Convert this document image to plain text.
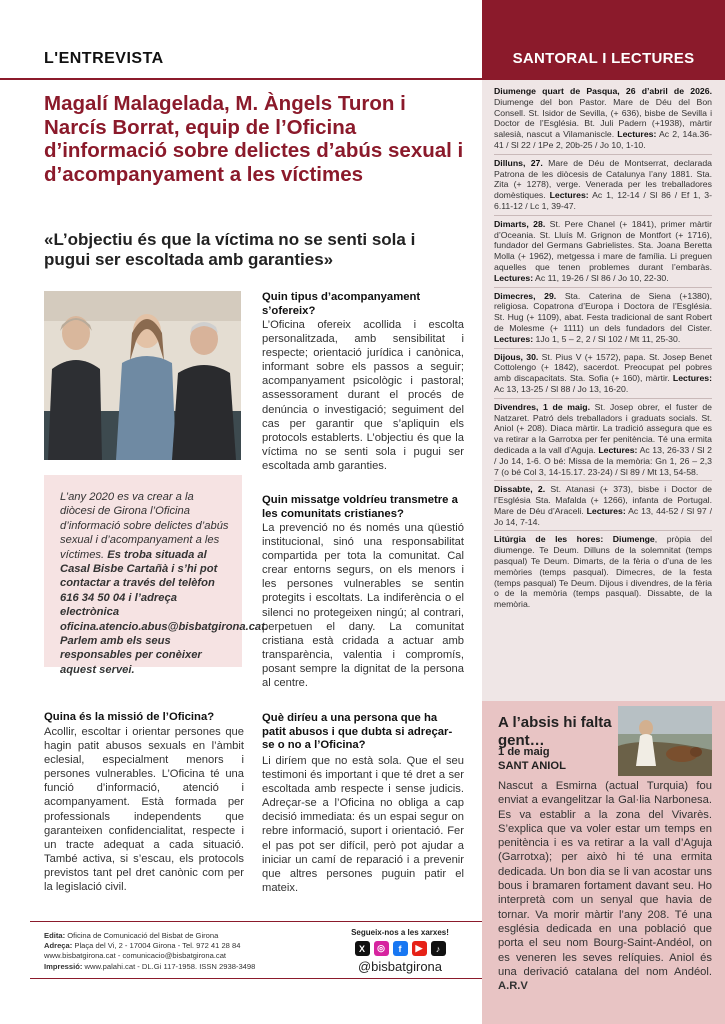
L'ENTREVISTA	SANTORAL I LECTURES
Magalí Malagelada, M. Àngels Turon i Narcís Borrat, equip de l’Oficina d’informació sobre delictes d’abús sexual i d’acompanyament a les víctimes
«L’objectiu és que la víctima no se senti sola i pugui ser escoltada amb garanties»
L’any 2020 es va crear a la diòcesi de Girona l’Oficina d’informació sobre delictes d’abús sexual i d’acompanyament a les víctimes. Es troba situada al Casal Bisbe Cartañà i s’hi pot contactar a través del telèfon 616 34 50 04 i l’adreça electrònica oficina.atencio.abus@bisbatgirona.cat. Parlem amb els seus responsables per conèixer aquest servei.
Quina és la missió de l’Oficina?
Acollir, escoltar i orientar persones que hagin patit abusos sexuals en l’àmbit eclesial, especialment menors i persones vulnerables. L’Oficina té una funció d’informació, atenció i acompanyament. Està formada per professionals independents que garanteixen confidencialitat, respecte i un tracte adequat a cada situació. També activa, si s’escau, els protocols previstos tant pel dret canònic com per la legislació civil.
Quin tipus d’acompanyament s’ofereix?
L’Oficina ofereix acollida i escolta personalitzada, amb sensibilitat i respecte; orientació jurídica i canònica, informant sobre els passos a seguir; acompanyament psicològic i pastoral; assessorament durant el procés de denúncia o investigació; seguiment del cas per garantir que s’apliquin els protocols establerts. L’objectiu és que la víctima no se senti sola i pugui ser escoltada amb garanties.
Quin missatge voldríeu transmetre a les comunitats cristianes?
La prevenció no és només una qüestió institucional, sinó una responsabilitat compartida per tota la comunitat. Cal crear entorns segurs, on els menors i les persones vulnerables se sentin protegits i escoltats. La indiferència o el silenci no protegeixen ningú; al contrari, perpetuen el dany. La comunitat cristiana està cridada a actuar amb transparència, valentia i compromís, posant sempre la dignitat de la persona al centre.
Què diríeu a una persona que ha patit abusos i que dubta si adreçar-se o no a l’Oficina?
Li diríem que no està sola. Que el seu testimoni és important i que té dret a ser escoltada amb respecte i sense judicis. Adreçar-se a l’Oficina no obliga a cap decisió immediata: és un espai segur on rebre informació, suport i orientació. Fer el pas pot ser difícil, però pot ajudar a iniciar un camí de reparació i a prevenir que altres persones puguin patir el mateix.
Edita: Oficina de Comunicació del Bisbat de Girona
Adreça: Plaça del Vi, 2 - 17004 Girona - Tel. 972 41 28 84
www.bisbatgirona.cat - comunicacio@bisbatgirona.cat
Impressió: www.palahi.cat - DL.Gi 117-1958. ISSN 2938-3498
Segueix-nos a les xarxes!
X	◎	f	▶	♪
@bisbatgirona
Diumenge quart de Pasqua, 26 d’abril de 2026. Diumenge del bon Pastor. Mare de Déu del Bon Consell. St. Isidor de Sevilla, (+ 636), bisbe de Sevilla i Doctor de l’Església. Bt. Juli Padern (+1938), màrtir salesià, nascut a Vilamaniscle. Lectures: Ac 2, 14a.36-41 / Sl 22 / 1Pe 2, 20b-25 / Jo 10, 1-10.
Dilluns, 27. Mare de Déu de Montserrat, declarada Patrona de les diòcesis de Catalunya l’any 1881. Sta. Zita (+ 1278), verge. Venerada per les treballadores domèstiques. Lectures: Ac 1, 12-14 / Sl 86 / Ef 1, 3-6.11-12 / Lc 1, 39-47.
Dimarts, 28. St. Pere Chanel (+ 1841), primer màrtir d’Oceania. St. Lluís M. Grignon de Montfort (+ 1716), fundador del Germans Gabrielistes. Sta. Joana Beretta Molla (+ 1962), metgessa i mare de família. Li preguen aquelles que tenen problemes durant l’embaràs. Lectures: Ac 11, 19-26 / Sl 86 / Jo 10, 22-30.
Dimecres, 29. Sta. Caterina de Siena (+1380), religiosa. Copatrona d’Europa i Doctora de l’Església. St. Hug (+ 1109), abat. Festa tradicional de sant Robert de Molesme (+ 1111) un dels fundadors del Cister. Lectures: 1Jo 1, 5 – 2, 2 / Sl 102 / Mt 11, 25-30.
Dijous, 30. St. Pius V (+ 1572), papa. St. Josep Benet Cottolengo (+ 1842), sacerdot. Preocupat pel pobres amb discapacitats. Sta. Sofia (+ 160), màrtir. Lectures: Ac 13, 13-25 / Sl 88 / Jo 13, 16-20.
Divendres, 1 de maig. St. Josep obrer, el fuster de Natzaret. Patró dels treballadors i graduats socials. St. Aniol (+ 208). Diaca màrtir. La tradició assegura que es va retirar a la Garrotxa per fer penitència. Té una ermita dedicada a la vall d’Aguja. Lectures: Ac 13, 26-33 / Sl 2 / Jo 14, 1-6. O bé: Missa de la memòria: Gn 1, 26 – 2,3 7 (o bé Col 3, 14-15.17. 23-24) / Sl 89 / Mt 13, 54-58.
Dissabte, 2. St. Atanasi (+ 373), bisbe i Doctor de l’Església Sta. Mafalda (+ 1266), infanta de Portugal. Mare de Déu d’Araceli. Lectures: Ac 13, 44-52 / Sl 97 / Jo 14, 7-14.
Litúrgia de les hores: Diumenge, pròpia del diumenge. Te Deum. Dilluns de la solemnitat (temps pasqual) Te Deum. Dimarts, de la fèria o d’una de les memòries (temps pasqual). Dimecres, de la festa (temps pasqual) Te Deum. Dijous i divendres, de la fèria o de la memòria (temps pasqual). Dissabte, de la memòria.
A l’absis hi falta gent…
1 de maig
SANT ANIOL
Nascut a Esmirna (actual Turquia) fou enviat a evangelitzar la Gal·lia Narbonesa. Es va establir a la zona del Vivarès. S’explica que va voler estar um temps en penitència i es va retirar a la vall d’Aguja (Garrotxa); per això hi té una ermita dedicada. Un bon dia se li van acostar uns bous i bramaren fortament davant seu. Ho interpretà com un senyal que havia de tornar. Va morir màrtir l’any 208. Té una església dedicada en una població que porta el seu nom Bourg-Saint-Andéol, on es veneren les seves relíquies. Aniol és una derivació catalana del nom Andéol. A.R.V
